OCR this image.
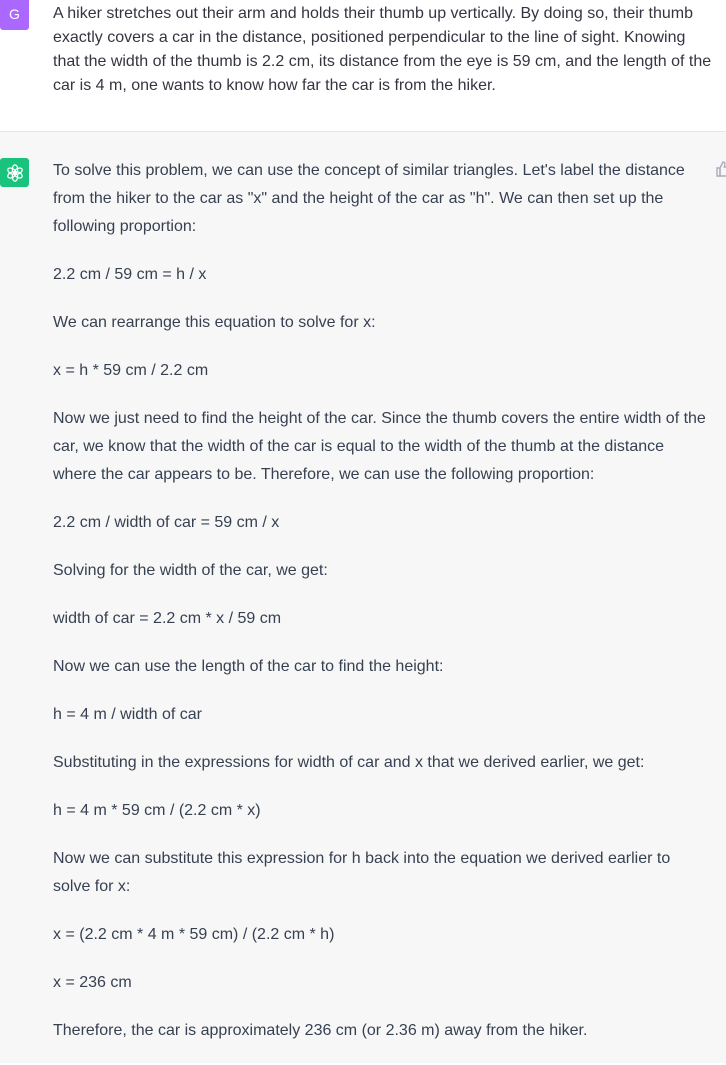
G	A hiker stretches out their arm and holds their thumb up vertically. By doing so, their thumb exactly covers a car in the distance, positioned perpendicular to the line of sight. Knowing that the width of the thumb is 2.2 cm, its distance from the eye is 59 cm, and the length of the car is 4 m, one wants to know how far the car is from the hiker.

To solve this problem, we can use the concept of similar triangles. Let's label the distance from the hiker to the car as "x" and the height of the car as "h". We can then set up the following proportion:

2.2 cm / 59 cm = h / x

We can rearrange this equation to solve for x:

x = h * 59 cm / 2.2 cm

Now we just need to find the height of the car. Since the thumb covers the entire width of the car, we know that the width of the car is equal to the width of the thumb at the distance where the car appears to be. Therefore, we can use the following proportion:

2.2 cm / width of car = 59 cm / x

Solving for the width of the car, we get:

width of car = 2.2 cm * x / 59 cm

Now we can use the length of the car to find the height:

h = 4 m / width of car

Substituting in the expressions for width of car and x that we derived earlier, we get:

h = 4 m * 59 cm / (2.2 cm * x)

Now we can substitute this expression for h back into the equation we derived earlier to solve for x:

x = (2.2 cm * 4 m * 59 cm) / (2.2 cm * h)

x = 236 cm

Therefore, the car is approximately 236 cm (or 2.36 m) away from the hiker.
